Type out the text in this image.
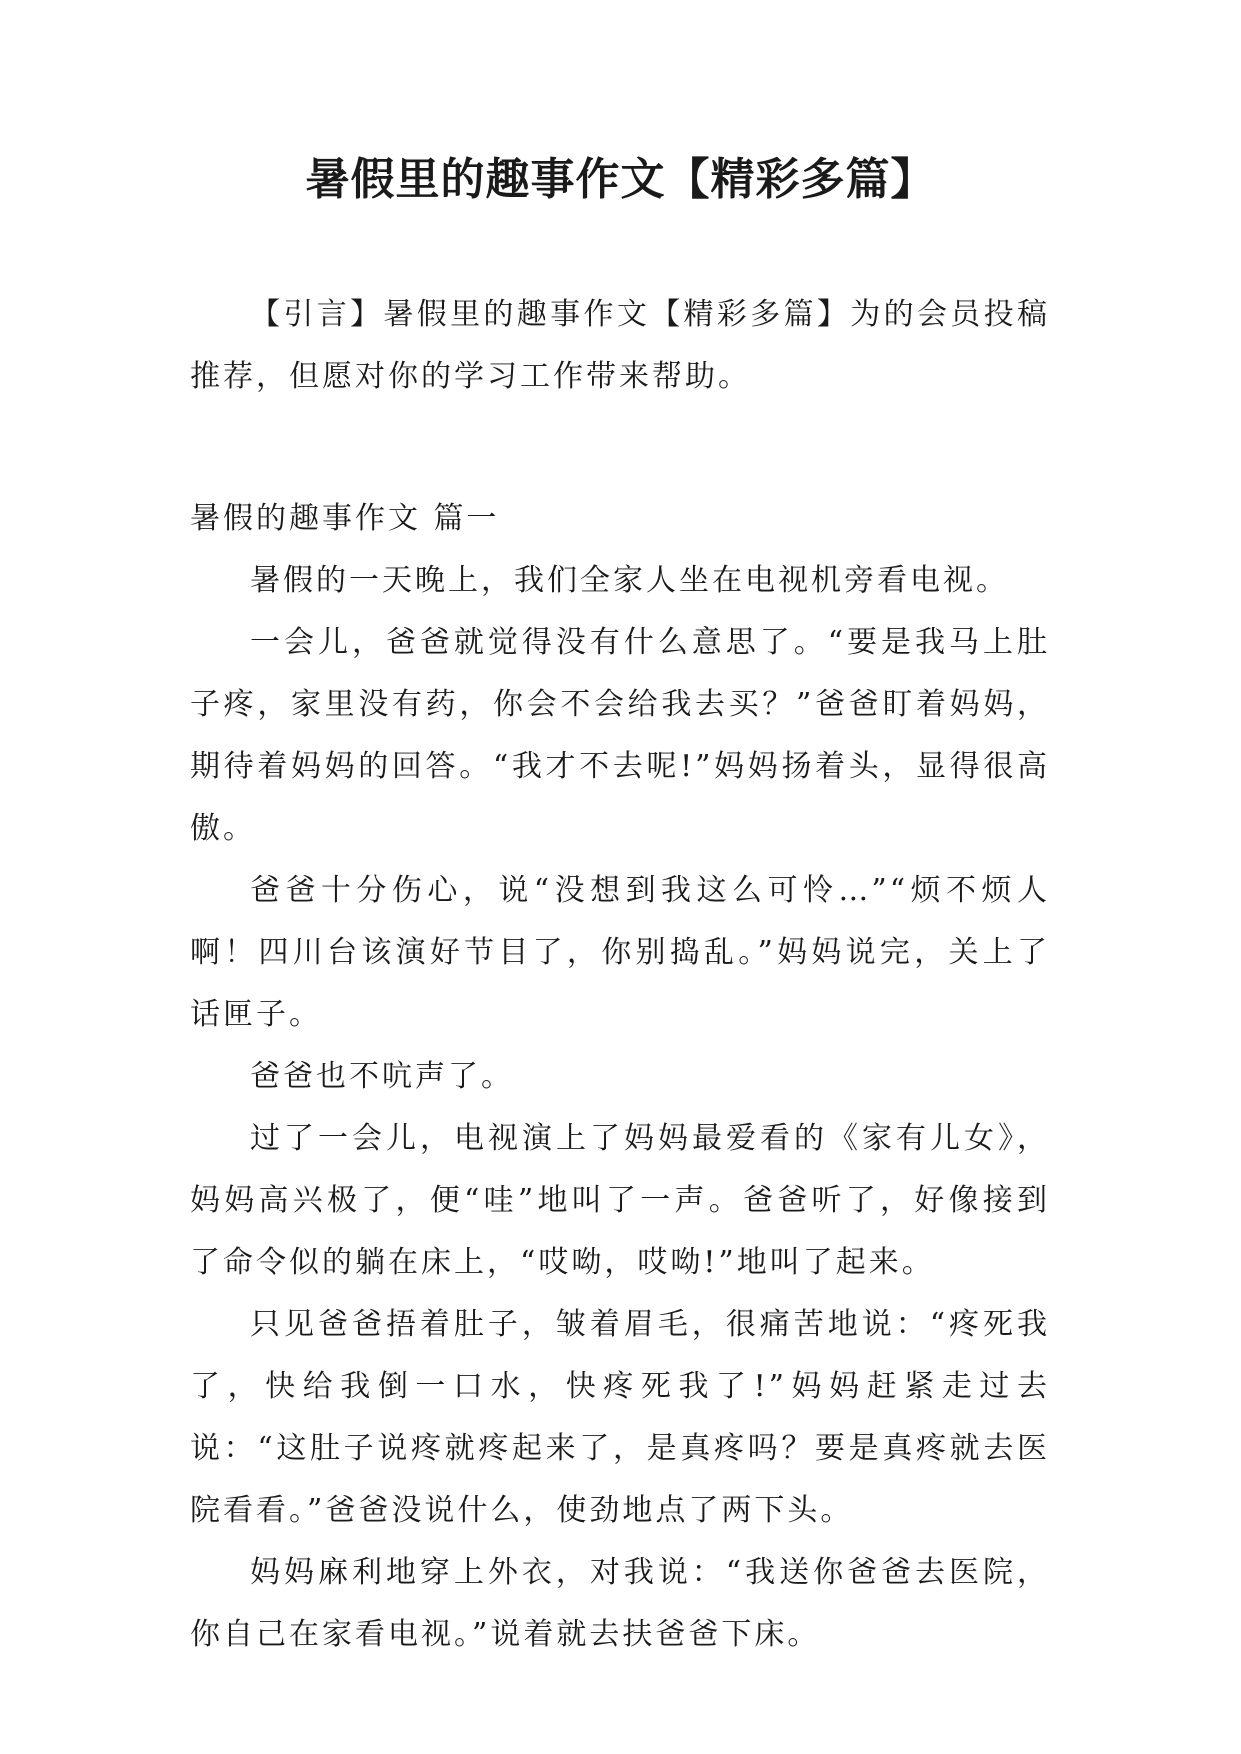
暑假里的趣事作文【精彩多篇】

【引言】暑假里的趣事作文【精彩多篇】为的会员投稿推荐，但愿对你的学习工作带来帮助。

暑假的趣事作文 篇一

暑假的一天晚上，我们全家人坐在电视机旁看电视。

一会儿，爸爸就觉得没有什么意思了。“要是我马上肚子疼，家里没有药，你会不会给我去买？”爸爸盯着妈妈，期待着妈妈的回答。“我才不去呢!”妈妈扬着头，显得很高傲。

爸爸十分伤心，说“没想到我这么可怜…”“烦不烦人啊！四川台该演好节目了，你别捣乱。”妈妈说完，关上了话匣子。

爸爸也不吭声了。

过了一会儿，电视演上了妈妈最爱看的《家有儿女》，妈妈高兴极了，便“哇”地叫了一声。爸爸听了，好像接到了命令似的躺在床上，“哎呦，哎呦!”地叫了起来。

只见爸爸捂着肚子，皱着眉毛，很痛苦地说：“疼死我了，快给我倒一口水，快疼死我了!”妈妈赶紧走过去说：“这肚子说疼就疼起来了，是真疼吗？要是真疼就去医院看看。”爸爸没说什么，使劲地点了两下头。

妈妈麻利地穿上外衣，对我说：“我送你爸爸去医院，你自己在家看电视。”说着就去扶爸爸下床。
